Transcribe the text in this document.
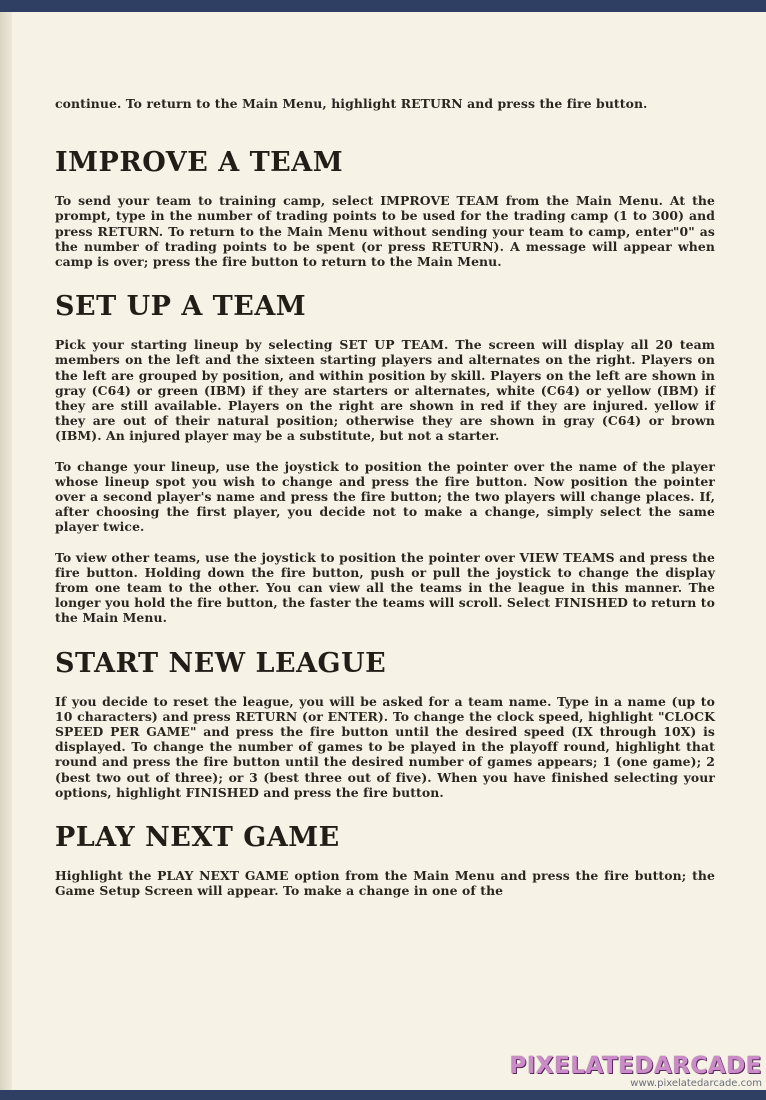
continue. To return to the Main Menu, highlight RETURN and press the fire button.

IMPROVE A TEAM

To send your team to training camp, select IMPROVE TEAM from the Main Menu. At the prompt, type in the number of trading points to be used for the trading camp (1 to 300) and press RETURN. To return to the Main Menu without sending your team to camp, enter"0" as the number of trading points to be spent (or press RETURN). A message will appear when camp is over; press the fire button to return to the Main Menu.

SET UP A TEAM

Pick your starting lineup by selecting SET UP TEAM. The screen will display all 20 team members on the left and the sixteen starting players and alternates on the right. Players on the left are grouped by position, and within position by skill. Players on the left are shown in gray (C64) or green (IBM) if they are starters or alternates, white (C64) or yellow (IBM) if they are still available. Players on the right are shown in red if they are injured. yellow if they are out of their natural position; otherwise they are shown in gray (C64) or brown (IBM). An injured player may be a substitute, but not a starter.

To change your lineup, use the joystick to position the pointer over the name of the player whose lineup spot you wish to change and press the fire button. Now position the pointer over a second player's name and press the fire button; the two players will change places. If, after choosing the first player, you decide not to make a change, simply select the same player twice.

To view other teams, use the joystick to position the pointer over VIEW TEAMS and press the fire button. Holding down the fire button, push or pull the joystick to change the display from one team to the other. You can view all the teams in the league in this manner. The longer you hold the fire button, the faster the teams will scroll. Select FINISHED to return to the Main Menu.

START NEW LEAGUE

If you decide to reset the league, you will be asked for a team name. Type in a name (up to 10 characters) and press RETURN (or ENTER). To change the clock speed, highlight "CLOCK SPEED PER GAME" and press the fire button until the desired speed (IX through 10X) is displayed. To change the number of games to be played in the playoff round, highlight that round and press the fire button until the desired number of games appears; 1 (one game); 2 (best two out of three); or 3 (best three out of five). When you have finished selecting your options, highlight FINISHED and press the fire button.

PLAY NEXT GAME

Highlight the PLAY NEXT GAME option from the Main Menu and press the fire button; the Game Setup Screen will appear. To make a change in one of the

PIXELATEDARCADE
www.pixelatedarcade.com
